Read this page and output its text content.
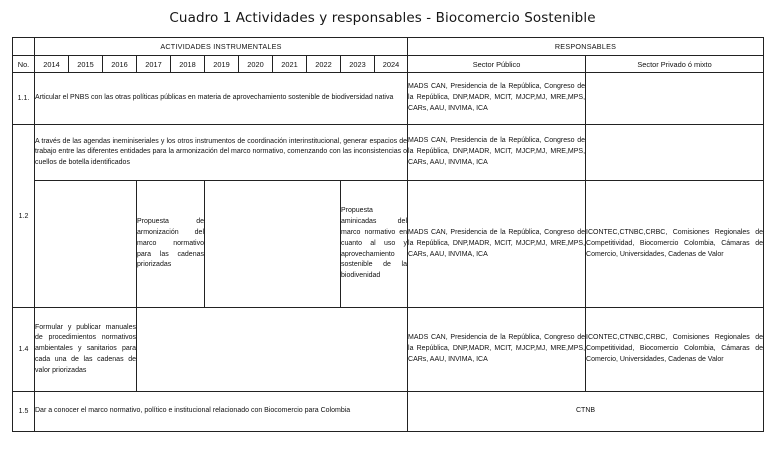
Cuadro 1 Actividades y responsables - Biocomercio Sostenible
	ACTIVIDADES INSTRUMENTALES											RESPONSABLES	
No.	2014	2015	2016	2017	2018	2019	2020	2021	2022	2023	2024	Sector Público	Sector Privado ó mixto
1.1.	Articular el PNBS con las otras políticas públicas en materia de aprovechamiento sostenible de biodiversidad nativa											MADS CAN, Presidencia de la República, Congreso de la República, DNP,MADR, MCIT, MJCP,MJ, MRE,MPS, CARs, AAU, INVIMA, ICA	
1.2	A través de las agendas ineminiseriales y los otros instrumentos de coordinación interinstitucional, generar espacios de trabajo entre las diferentes entidades para la armonización del marco normativo, comenzando con las inconsistencias o cuellos de botella identificados											MADS CAN, Presidencia de la República, Congreso de la República, DNP,MADR, MCIT, MJCP,MJ, MRE,MPS, CARs, AAU, INVIMA, ICA	
				Propuesta de armonización del marco normativo para las cadenas priorizadas						Propuesta aminicadas del marco normativo en cuanto al uso y aprovechamiento sostenible de la biodivenidad		MADS CAN, Presidencia de la República, Congreso de la República, DNP,MADR, MCIT, MJCP,MJ, MRE,MPS, CARs, AAU, INVIMA, ICA	ICONTEC,CTNBC,CRBC, Comisiones Regionales de Competitividad, Biocomercio Colombia, Cámaras de Comercio, Universidades, Cadenas de Valor
1.4	Formular y publicar manuales de procedimientos normativos ambientales y sanitarios para cada una de las cadenas de valor priorizadas											MADS CAN, Presidencia de la República, Congreso de la República, DNP,MADR, MCIT, MJCP,MJ, MRE,MPS, CARs, AAU, INVIMA, ICA	ICONTEC,CTNBC,CRBC, Comisiones Regionales de Competitividad, Biocomercio Colombia, Cámaras de Comercio, Universidades, Cadenas de Valor
1.5	Dar a conocer el marco normativo, político e institucional relacionado con Biocomercio para Colombia											CTNB	
